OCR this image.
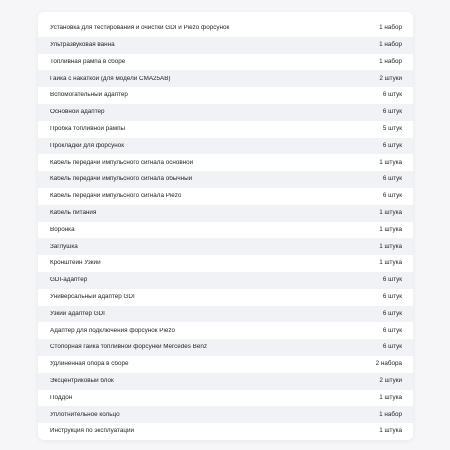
Установка для тестирования и очистки GDI и Piezo форсунок	1 набор
Ультразвуковая ванна	1 набор
Топливная рампа в сборе	1 набор
Гайка с накаткой (для модели CMA25AB)	2 штуки
Вспомогательный адаптер	6 штук
Основной адаптер	6 штук
Пробка топливной рампы	5 штук
Прокладки для форсунок	6 штук
Кабель передачи импульсного сигнала основной	1 штука
Кабель передачи импульсного сигнала обычный	6 штук
Кабель передачи импульсного сигнала Piezo	6 штук
Кабель питания	1 штука
Воронка	1 штука
Заглушка	1 штука
Кронштейн Узкий	1 штука
GDI-адаптер	6 штук
Универсальный адаптер GDI	6 штук
Узкий адаптер GDI	6 штук
Адаптер для подключения форсунок Piezo	6 штук
Стопорная гайка топливной форсунки Mercedes Benz	6 штук
Удлиненная опора в сборе	2 набора
Эксцентриковый блок	2 штуки
Поддон	1 штука
Уплотнительное кольцо	1 набор
Инструкция по эксплуатации	1 штука
